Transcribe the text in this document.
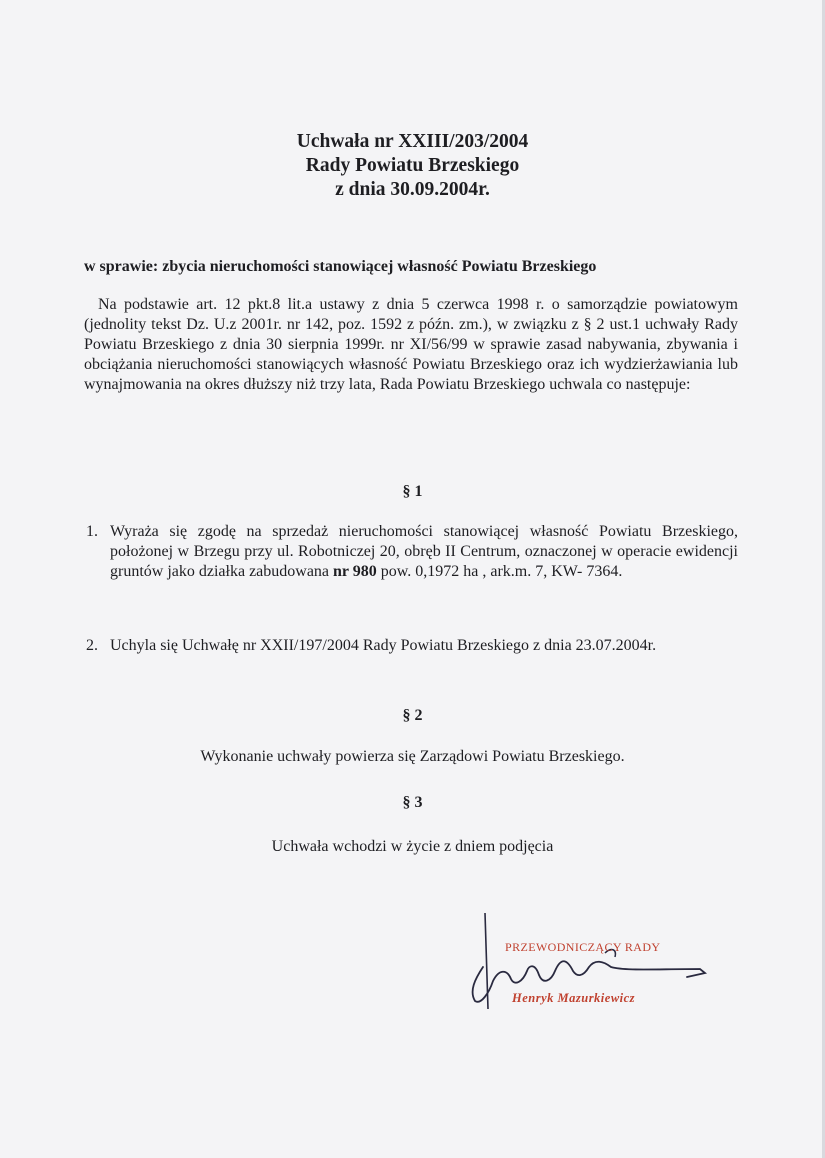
Uchwała nr XXIII/203/2004
Rady Powiatu Brzeskiego
z dnia 30.09.2004r.
w sprawie: zbycia nieruchomości stanowiącej własność Powiatu Brzeskiego
Na podstawie art. 12 pkt.8 lit.a ustawy z dnia 5 czerwca 1998 r. o samorządzie powiatowym (jednolity tekst Dz. U.z 2001r. nr 142, poz. 1592 z późn. zm.), w związku z § 2 ust.1 uchwały Rady Powiatu Brzeskiego z dnia 30 sierpnia 1999r. nr XI/56/99 w sprawie zasad nabywania, zbywania i obciążania nieruchomości stanowiących własność Powiatu Brzeskiego oraz ich wydzierżawiania lub wynajmowania na okres dłuższy niż trzy lata, Rada Powiatu Brzeskiego uchwala co następuje:
§ 1
1. Wyraża się zgodę na sprzedaż nieruchomości stanowiącej własność Powiatu Brzeskiego, położonej w Brzegu przy ul. Robotniczej 20, obręb II Centrum, oznaczonej w operacie ewidencji gruntów jako działka zabudowana nr 980 pow. 0,1972 ha , ark.m. 7, KW- 7364.
2. Uchyla się Uchwałę nr XXII/197/2004 Rady Powiatu Brzeskiego z dnia 23.07.2004r.
§ 2
Wykonanie uchwały powierza się Zarządowi Powiatu Brzeskiego.
§ 3
Uchwała wchodzi w życie z dniem podjęcia
PRZEWODNICZĄCY RADY
Henryk Mazurkiewicz
